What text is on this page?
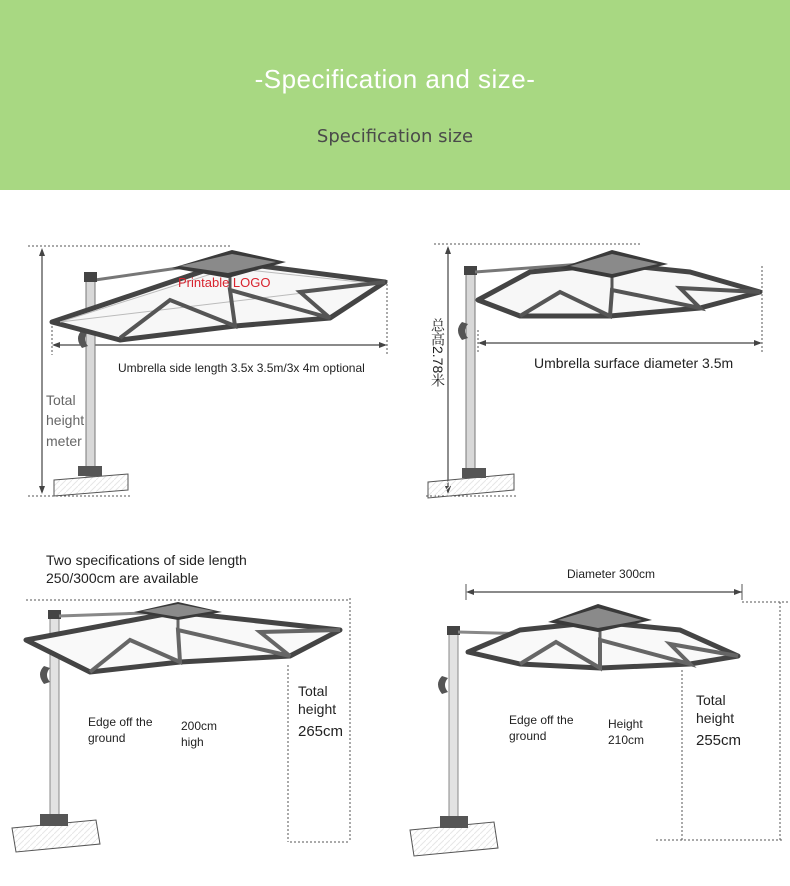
-Specification and size-
Specification size
Printable LOGO
Umbrella side length 3.5x 3.5m/3x 4m optional
Total
height
meter
Umbrella surface diameter 3.5m
总高2.78米
Two specifications of side length
250/300cm are available
Edge off the
ground
200cm
high
Total
height
265cm
Diameter 300cm
Edge off the
ground
Height
210cm
Total
height
255cm
